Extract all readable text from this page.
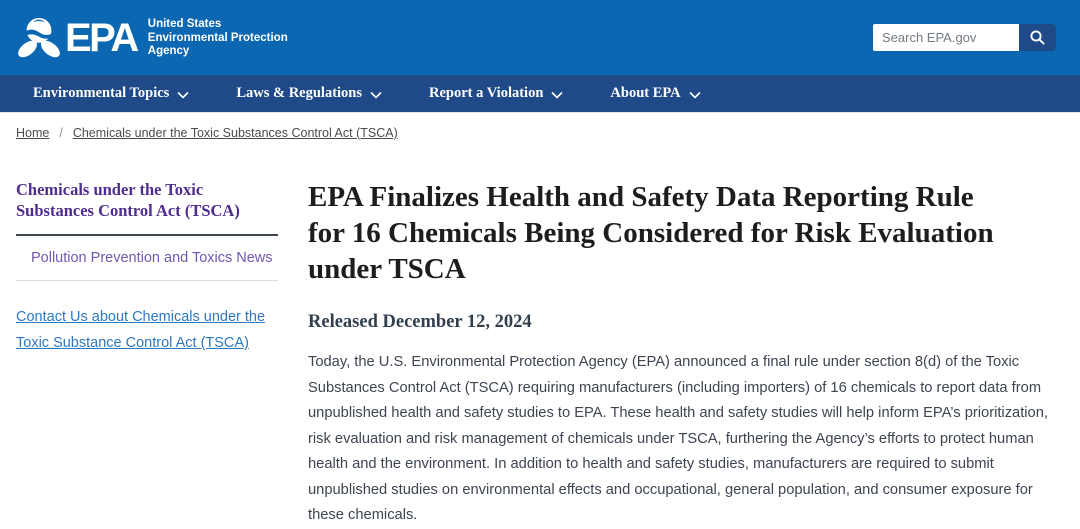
EPA United States
Environmental Protection
Agency
Search EPA.gov
Environmental Topics	Laws & Regulations	Report a Violation	About EPA
Home / Chemicals under the Toxic Substances Control Act (TSCA)
Chemicals under the Toxic Substances Control Act (TSCA)
Pollution Prevention and Toxics News
Contact Us about Chemicals under the Toxic Substance Control Act (TSCA)
EPA Finalizes Health and Safety Data Reporting Rule for 16 Chemicals Being Considered for Risk Evaluation under TSCA
Released December 12, 2024

Today, the U.S. Environmental Protection Agency (EPA) announced a final rule under section 8(d) of the Toxic Substances Control Act (TSCA) requiring manufacturers (including importers) of 16 chemicals to report data from unpublished health and safety studies to EPA. These health and safety studies will help inform EPA’s prioritization, risk evaluation and risk management of chemicals under TSCA, furthering the Agency’s efforts to protect human health and the environment. In addition to health and safety studies, manufacturers are required to submit unpublished studies on environmental effects and occupational, general population, and consumer exposure for these chemicals.
